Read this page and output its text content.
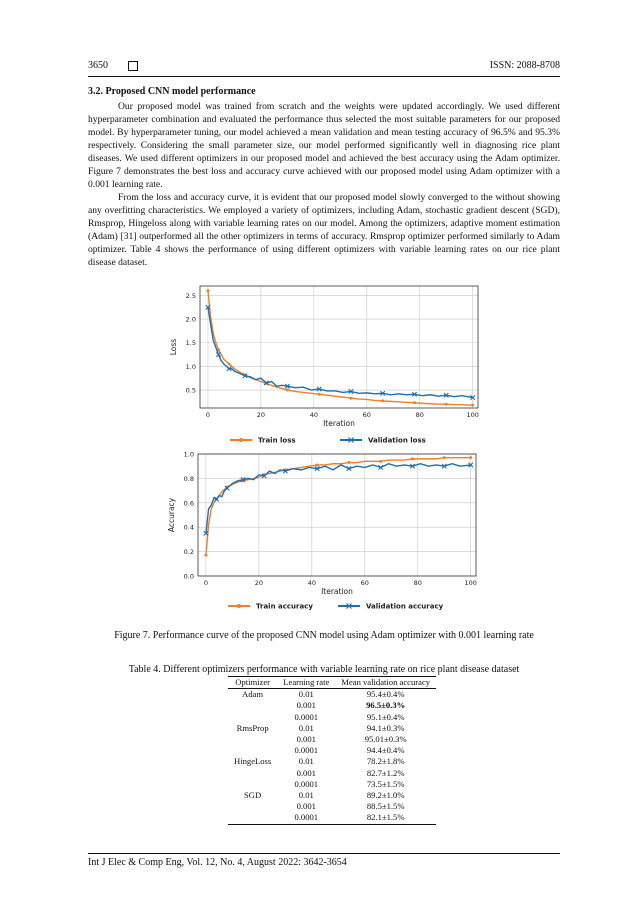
3650	ISSN: 2088-8708
3.2. Proposed CNN model performance

Our proposed model was trained from scratch and the weights were updated accordingly. We used different hyperparameter combination and evaluated the performance thus selected the most suitable parameters for our proposed model. By hyperparameter tuning, our model achieved a mean validation and mean testing accuracy of 96.5% and 95.3% respectively. Considering the small parameter size, our model performed significantly well in diagnosing rice plant diseases. We used different optimizers in our proposed model and achieved the best accuracy using the Adam optimizer. Figure 7 demonstrates the best loss and accuracy curve achieved with our proposed model using Adam optimizer with a 0.001 learning rate.

From the loss and accuracy curve, it is evident that our proposed model slowly converged to the without showing any overfitting characteristics. We employed a variety of optimizers, including Adam, stochastic gradient descent (SGD), Rmsprop, Hingeloss along with variable learning rates on our model. Among the optimizers, adaptive moment estimation (Adam) [31] outperformed all the other optimizers in terms of accuracy. Rmsprop optimizer performed similarly to Adam optimizer. Table 4 shows the performance of using different optimizers with variable learning rates on our rice plant disease dataset.

0.5
1.0
1.5
2.0
2.5
0	20	40	60	80	100
Iteration
Loss
Train loss	Validation loss
0.0
0.2
0.4
0.6
0.8
1.0
0	20	40	60	80	100
Iteration
Accuracy
Train accuracy	Validation accuracy
Figure 7. Performance curve of the proposed CNN model using Adam optimizer with 0.001 learning rate
Table 4. Different optimizers performance with variable learning rate on rice plant disease dataset
Optimizer	Learning rate	Mean validation accuracy
Adam	0.01	95.4±0.4%
	0.001	96.5±0.3%
	0.0001	95.1±0.4%
RmsProp	0.01	94.1±0.3%
	0.001	95.01±0.3%
	0.0001	94.4±0.4%
HingeLoss	0.01	78.2±1.8%
	0.001	82.7±1.2%
	0.0001	73.5±1.5%
SGD	0.01	89.2±1.0%
	0.001	88.5±1.5%
	0.0001	82.1±1.5%
Int J Elec & Comp Eng, Vol. 12, No. 4, August 2022: 3642-3654
